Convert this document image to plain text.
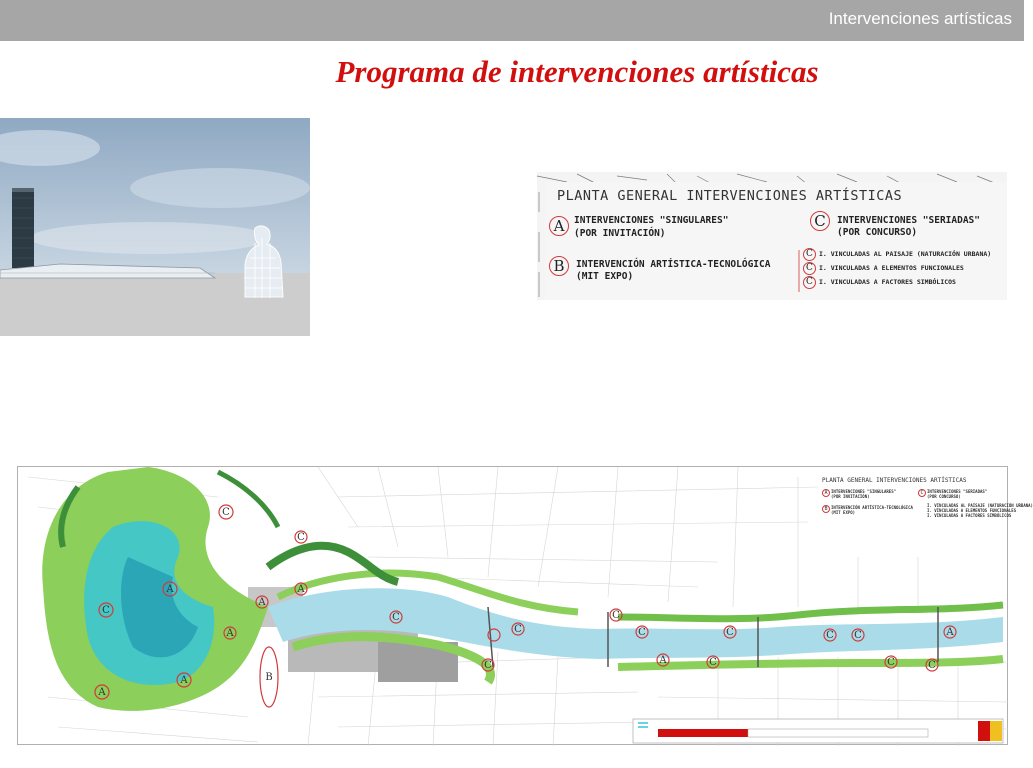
Intervenciones artísticas
Programa de intervenciones artísticas
PLANTA GENERAL INTERVENCIONES ARTÍSTICAS
A	INTERVENCIONES "SINGULARES"
(POR INVITACIÓN)
B	INTERVENCIÓN ARTÍSTICA-TECNOLÓGICA
(MIT EXPO)
C	INTERVENCIONES "SERIADAS"
(POR CONCURSO)
C I. VINCULADAS AL PAISAJE (NATURACIÓN URBANA)
C I. VINCULADAS A ELEMENTOS FUNCIONALES
C I. VINCULADAS A FACTORES SIMBÓLICOS
C
C
A
A
A
A
C
C
C
C
C	C	C C	A
C	C	C
C	A
B
A
A
PLANTA GENERAL INTERVENCIONES ARTÍSTICAS
A INTERVENCIONES "SINGULARES"
(POR INVITACIÓN)
B INTERVENCIÓN ARTÍSTICA-TECNOLÓGICA
(MIT EXPO)
C INTERVENCIONES "SERIADAS"
(POR CONCURSO)
I. VINCULADAS AL PAISAJE (NATURACIÓN URBANA)
I. VINCULADAS A ELEMENTOS FUNCIONALES
I. VINCULADAS A FACTORES SIMBÓLICOS
